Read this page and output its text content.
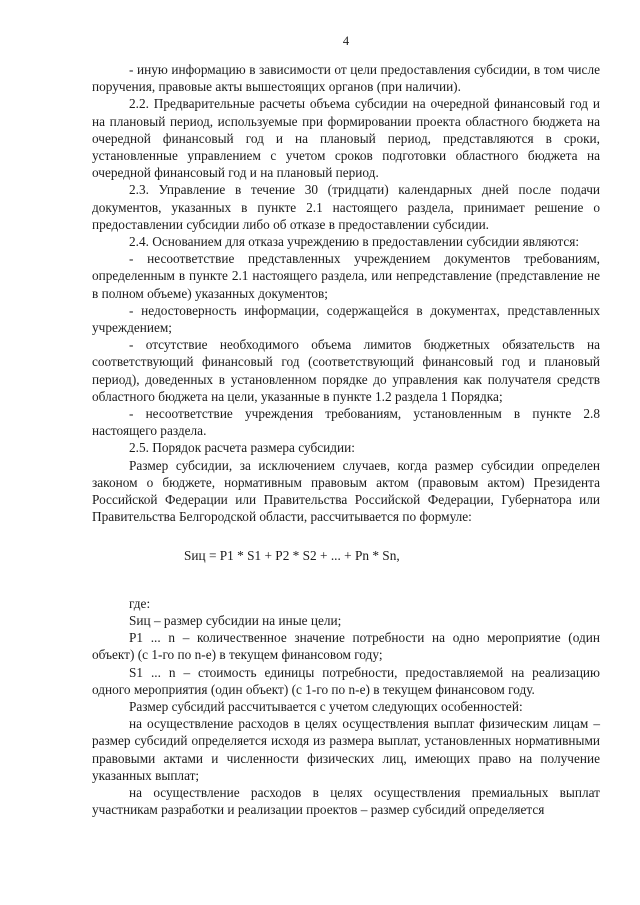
4

- иную информацию в зависимости от цели предоставления субсидии, в том числе поручения, правовые акты вышестоящих органов (при наличии).

2.2. Предварительные расчеты объема субсидии на очередной финансовый год и на плановый период, используемые при формировании проекта областного бюджета на очередной финансовый год и на плановый период, представляются в сроки, установленные управлением с учетом сроков подготовки областного бюджета на очередной финансовый год и на плановый период.

2.3. Управление в течение 30 (тридцати) календарных дней после подачи документов, указанных в пункте 2.1 настоящего раздела, принимает решение о предоставлении субсидии либо об отказе в предоставлении субсидии.

2.4. Основанием для отказа учреждению в предоставлении субсидии являются:

- несоответствие представленных учреждением документов требованиям, определенным в пункте 2.1 настоящего раздела, или непредставление (представление не в полном объеме) указанных документов;

- недостоверность информации, содержащейся в документах, представленных учреждением;

- отсутствие необходимого объема лимитов бюджетных обязательств на соответствующий финансовый год (соответствующий финансовый год и плановый период), доведенных в установленном порядке до управления как получателя средств областного бюджета на цели, указанные в пункте 1.2 раздела 1 Порядка;

- несоответствие учреждения требованиям, установленным в пункте 2.8 настоящего раздела.

2.5. Порядок расчета размера субсидии:

Размер субсидии, за исключением случаев, когда размер субсидии определен законом о бюджете, нормативным правовым актом (правовым актом) Президента Российской Федерации или Правительства Российской Федерации, Губернатора или Правительства Белгородской области, рассчитывается по формуле:

Sиц = P1 * S1 + P2 * S2 + ... + Pn * Sn,

где:

Sиц – размер субсидии на иные цели;

P1 ... n – количественное значение потребности на одно мероприятие (один объект) (с 1-го по n-е) в текущем финансовом году;

S1 ... n – стоимость единицы потребности, предоставляемой на реализацию одного мероприятия (один объект) (с 1-го по n-е) в текущем финансовом году.

Размер субсидий рассчитывается с учетом следующих особенностей:

на осуществление расходов в целях осуществления выплат физическим лицам – размер субсидий определяется исходя из размера выплат, установленных нормативными правовыми актами и численности физических лиц, имеющих право на получение указанных выплат;

на осуществление расходов в целях осуществления премиальных выплат участникам разработки и реализации проектов – размер субсидий определяется
